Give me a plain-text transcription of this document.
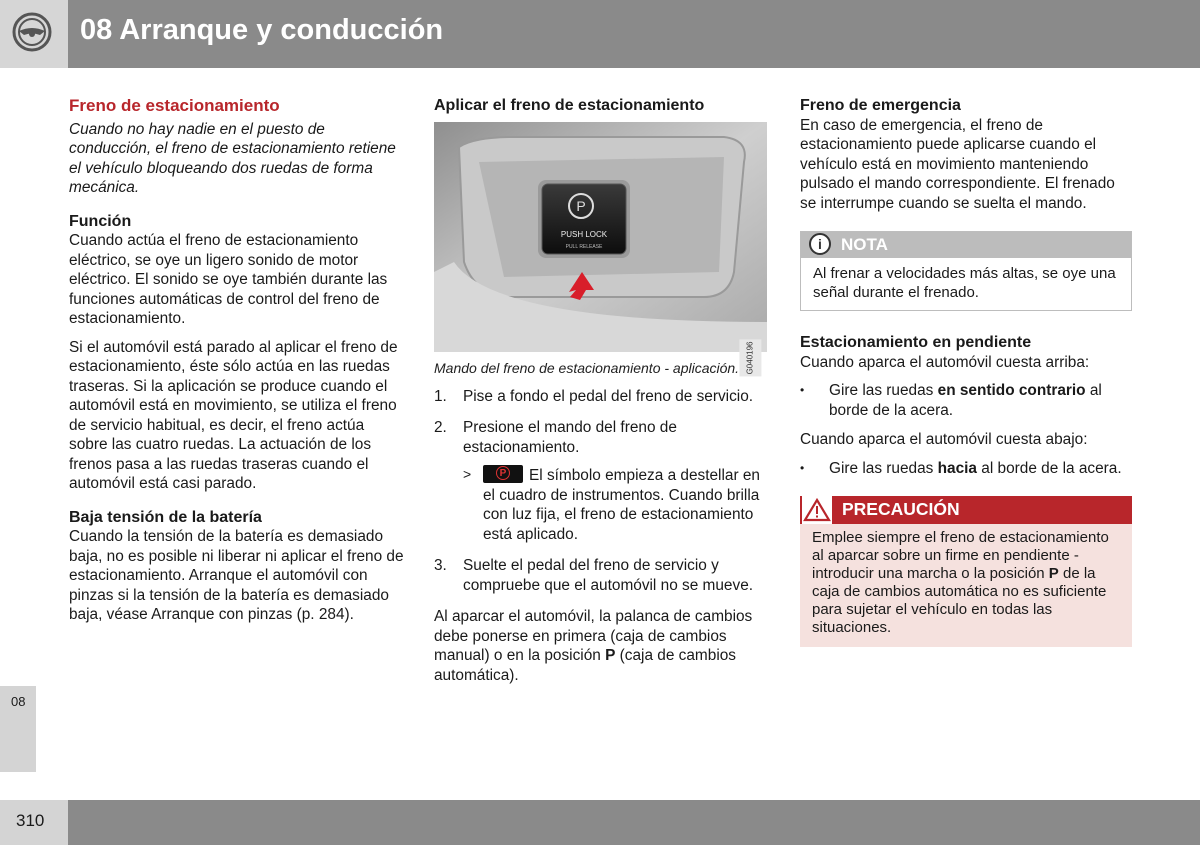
08 Arranque y conducción
08
310
Freno de estacionamiento

Cuando no hay nadie en el puesto de conducción, el freno de estacionamiento retiene el vehículo bloqueando dos ruedas de forma mecánica.

Función

Cuando actúa el freno de estacionamiento eléctrico, se oye un ligero sonido de motor eléctrico. El sonido se oye también durante las funciones automáticas de control del freno de estacionamiento.

Si el automóvil está parado al aplicar el freno de estacionamiento, éste sólo actúa en las ruedas traseras. Si la aplicación se produce cuando el automóvil está en movimiento, se utiliza el freno de servicio habitual, es decir, el freno actúa sobre las cuatro ruedas. La actuación de los frenos pasa a las ruedas traseras cuando el automóvil está casi parado.

Baja tensión de la batería

Cuando la tensión de la batería es demasiado baja, no es posible ni liberar ni aplicar el freno de estacionamiento. Arranque el automóvil con pinzas si la tensión de la batería es demasiado baja, véase Arranque con pinzas (p. 284).

Aplicar el freno de estacionamiento
P
PUSH LOCK
PULL RELEASE
G040196

Mando del freno de estacionamiento - aplicación.

1. Pise a fondo el pedal del freno de servicio.
2. Presione el mando del freno de estacionamiento.
>	P El símbolo empieza a destellar en el cuadro de instrumentos. Cuando brilla con luz fija, el freno de estacionamiento está aplicado.
3. Suelte el pedal del freno de servicio y compruebe que el automóvil no se mueve.

Al aparcar el automóvil, la palanca de cambios debe ponerse en primera (caja de cambios manual) o en la posición P (caja de cambios automática).

Freno de emergencia

En caso de emergencia, el freno de estacionamiento puede aplicarse cuando el vehículo está en movimiento manteniendo pulsado el mando correspondiente. El frenado se interrumpe cuando se suelta el mando.

i	NOTA
Al frenar a velocidades más altas, se oye una señal durante el frenado.
Estacionamiento en pendiente

Cuando aparca el automóvil cuesta arriba:

• Gire las ruedas en sentido contrario al borde de la acera.

Cuando aparca el automóvil cuesta abajo:

• Gire las ruedas hacia al borde de la acera.
PRECAUCIÓN
Emplee siempre el freno de estacionamiento al aparcar sobre un firme en pendiente - introducir una marcha o la posición P de la caja de cambios automática no es suficiente para sujetar el vehículo en todas las situaciones.
